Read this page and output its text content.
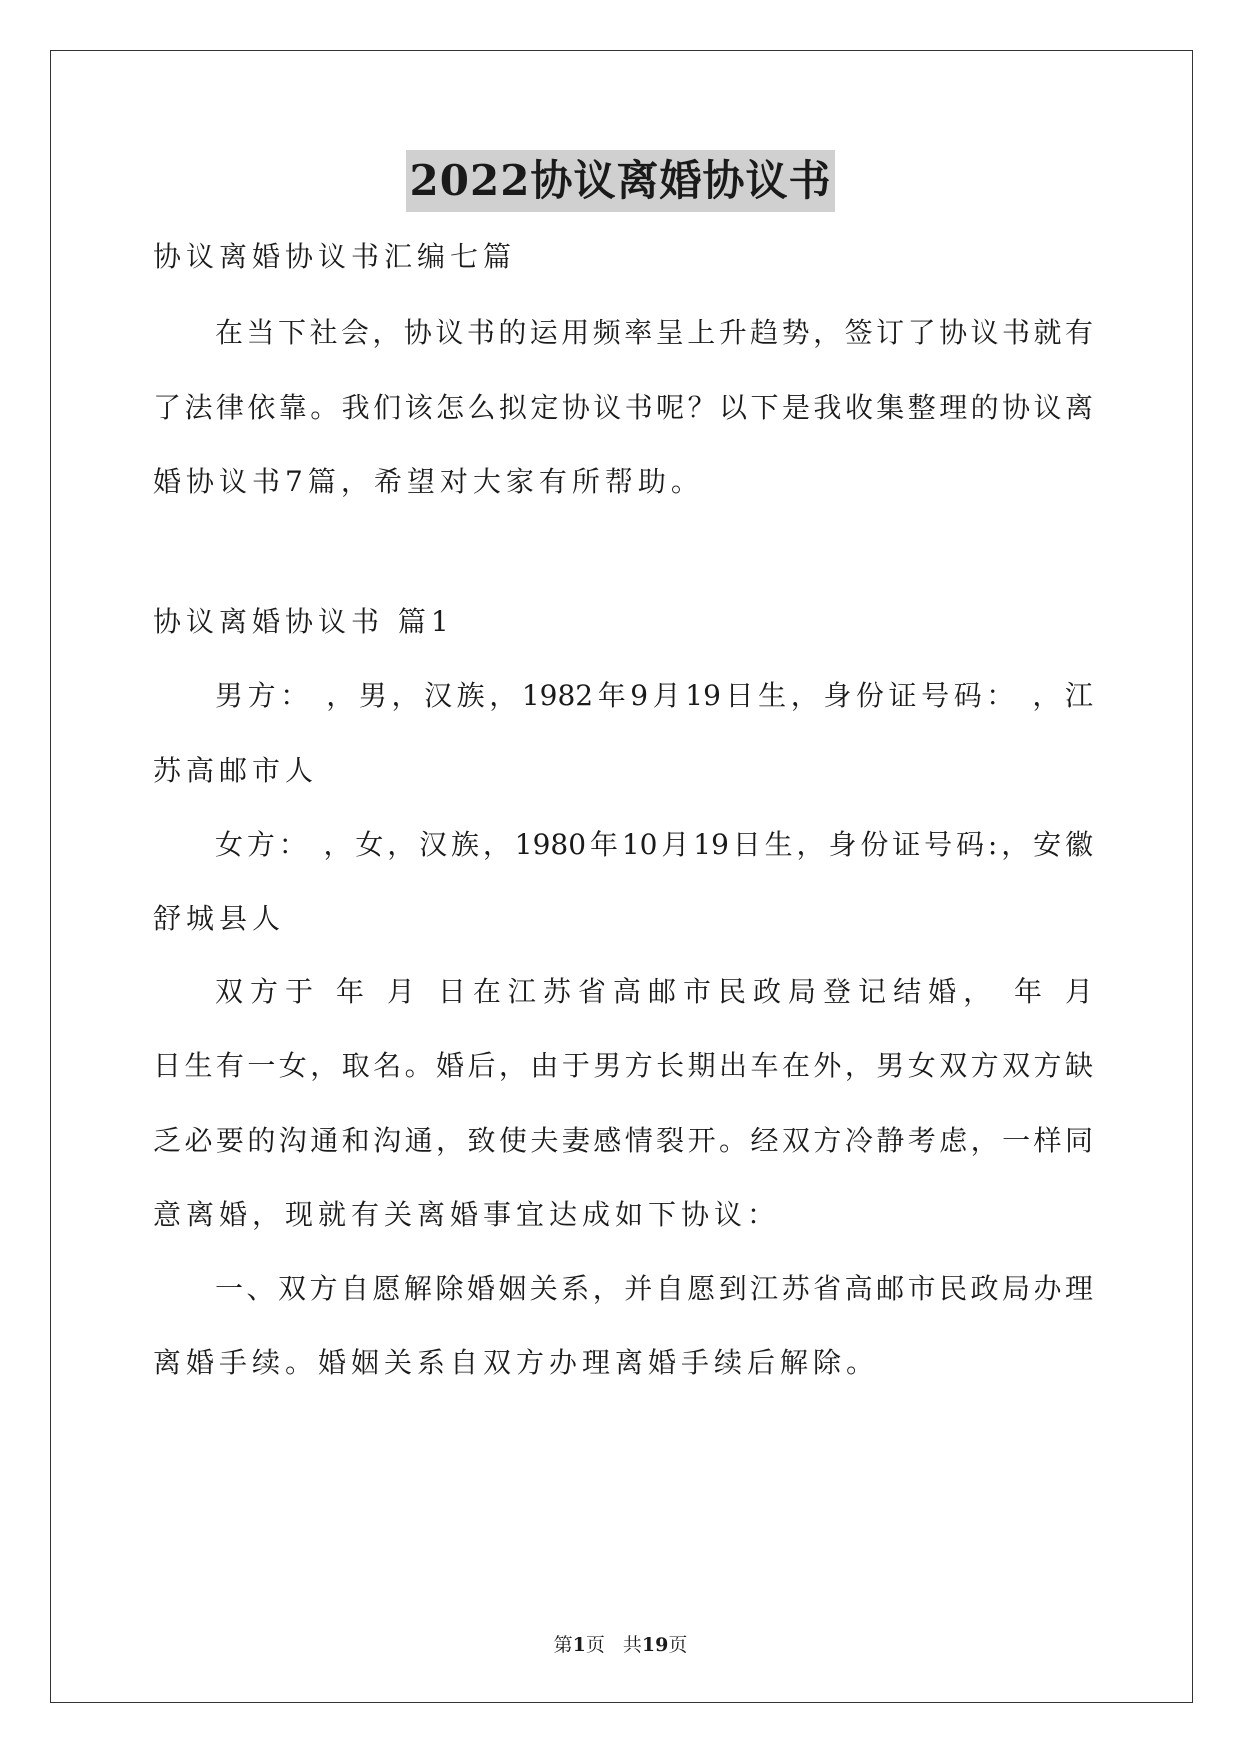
2022协议离婚协议书
协议离婚协议书汇编七篇
在当下社会，协议书的运用频率呈上升趋势，签订了协议书就有
了法律依靠。我们该怎么拟定协议书呢？以下是我收集整理的协议离
婚协议书7篇，希望对大家有所帮助。
协议离婚协议书 篇1
男方： ，男，汉族，1982年9月19日生，身份证号码： ，江
苏高邮市人
女方： ，女，汉族，1980年10月19日生，身份证号码:，安徽
舒城县人
双方于 年 月 日在江苏省高邮市民政局登记结婚， 年 月
日生有一女，取名。婚后，由于男方长期出车在外，男女双方双方缺
乏必要的沟通和沟通，致使夫妻感情裂开。经双方冷静考虑，一样同
意离婚，现就有关离婚事宜达成如下协议：
一、双方自愿解除婚姻关系，并自愿到江苏省高邮市民政局办理
离婚手续。婚姻关系自双方办理离婚手续后解除。
第1页 共19页
